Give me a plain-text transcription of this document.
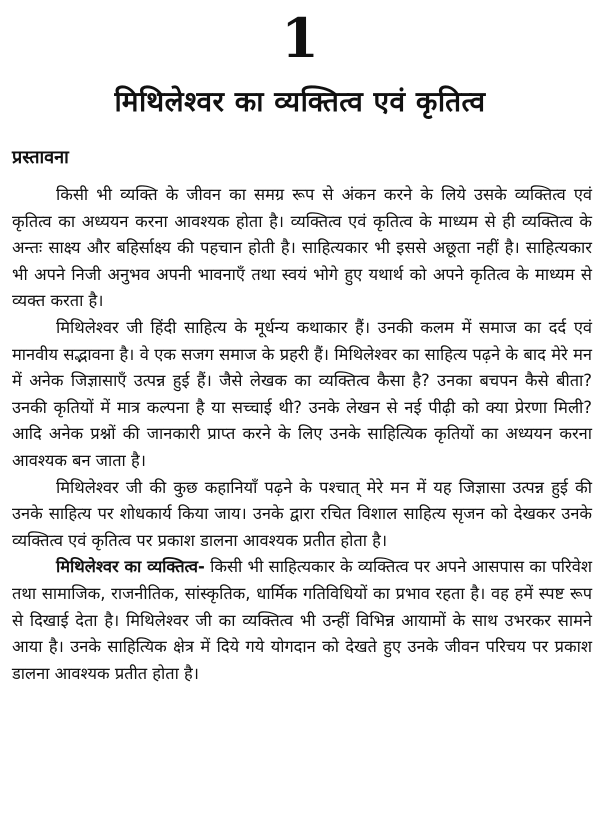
1
मिथिलेश्वर का व्यक्तित्व एवं कृतित्व
प्रस्तावना

किसी भी व्यक्ति के जीवन का समग्र रूप से अंकन करने के लिये उसके व्यक्तित्व एवं कृतित्व का अध्ययन करना आवश्यक होता है। व्यक्तित्व एवं कृतित्व के माध्यम से ही व्यक्तित्व के अन्तः साक्ष्य और बहिर्साक्ष्य की पहचान होती है। साहित्यकार भी इससे अछूता नहीं है। साहित्यकार भी अपने निजी अनुभव अपनी भावनाएँ तथा स्वयं भोगे हुए यथार्थ को अपने कृतित्व के माध्यम से व्यक्त करता है।

मिथिलेश्वर जी हिंदी साहित्य के मूर्धन्य कथाकार हैं। उनकी कलम में समाज का दर्द एवं मानवीय सद्भावना है। वे एक सजग समाज के प्रहरी हैं। मिथिलेश्वर का साहित्य पढ़ने के बाद मेरे मन में अनेक जिज्ञासाएँ उत्पन्न हुई हैं। जैसे लेखक का व्यक्तित्व कैसा है? उनका बचपन कैसे बीता? उनकी कृतियों में मात्र कल्पना है या सच्चाई थी? उनके लेखन से नई पीढ़ी को क्या प्रेरणा मिली? आदि अनेक प्रश्नों की जानकारी प्राप्त करने के लिए उनके साहित्यिक कृतियों का अध्ययन करना आवश्यक बन जाता है।

मिथिलेश्वर जी की कुछ कहानियाँ पढ़ने के पश्चात् मेरे मन में यह जिज्ञासा उत्पन्न हुई की उनके साहित्य पर शोधकार्य किया जाय। उनके द्वारा रचित विशाल साहित्य सृजन को देखकर उनके व्यक्तित्व एवं कृतित्व पर प्रकाश डालना आवश्यक प्रतीत होता है।

मिथिलेश्वर का व्यक्तित्व- किसी भी साहित्यकार के व्यक्तित्व पर अपने आसपास का परिवेश तथा सामाजिक, राजनीतिक, सांस्कृतिक, धार्मिक गतिविधियों का प्रभाव रहता है। वह हमें स्पष्ट रूप से दिखाई देता है। मिथिलेश्वर जी का व्यक्तित्व भी उन्हीं विभिन्न आयामों के साथ उभरकर सामने आया है। उनके साहित्यिक क्षेत्र में दिये गये योगदान को देखते हुए उनके जीवन परिचय पर प्रकाश डालना आवश्यक प्रतीत होता है।
